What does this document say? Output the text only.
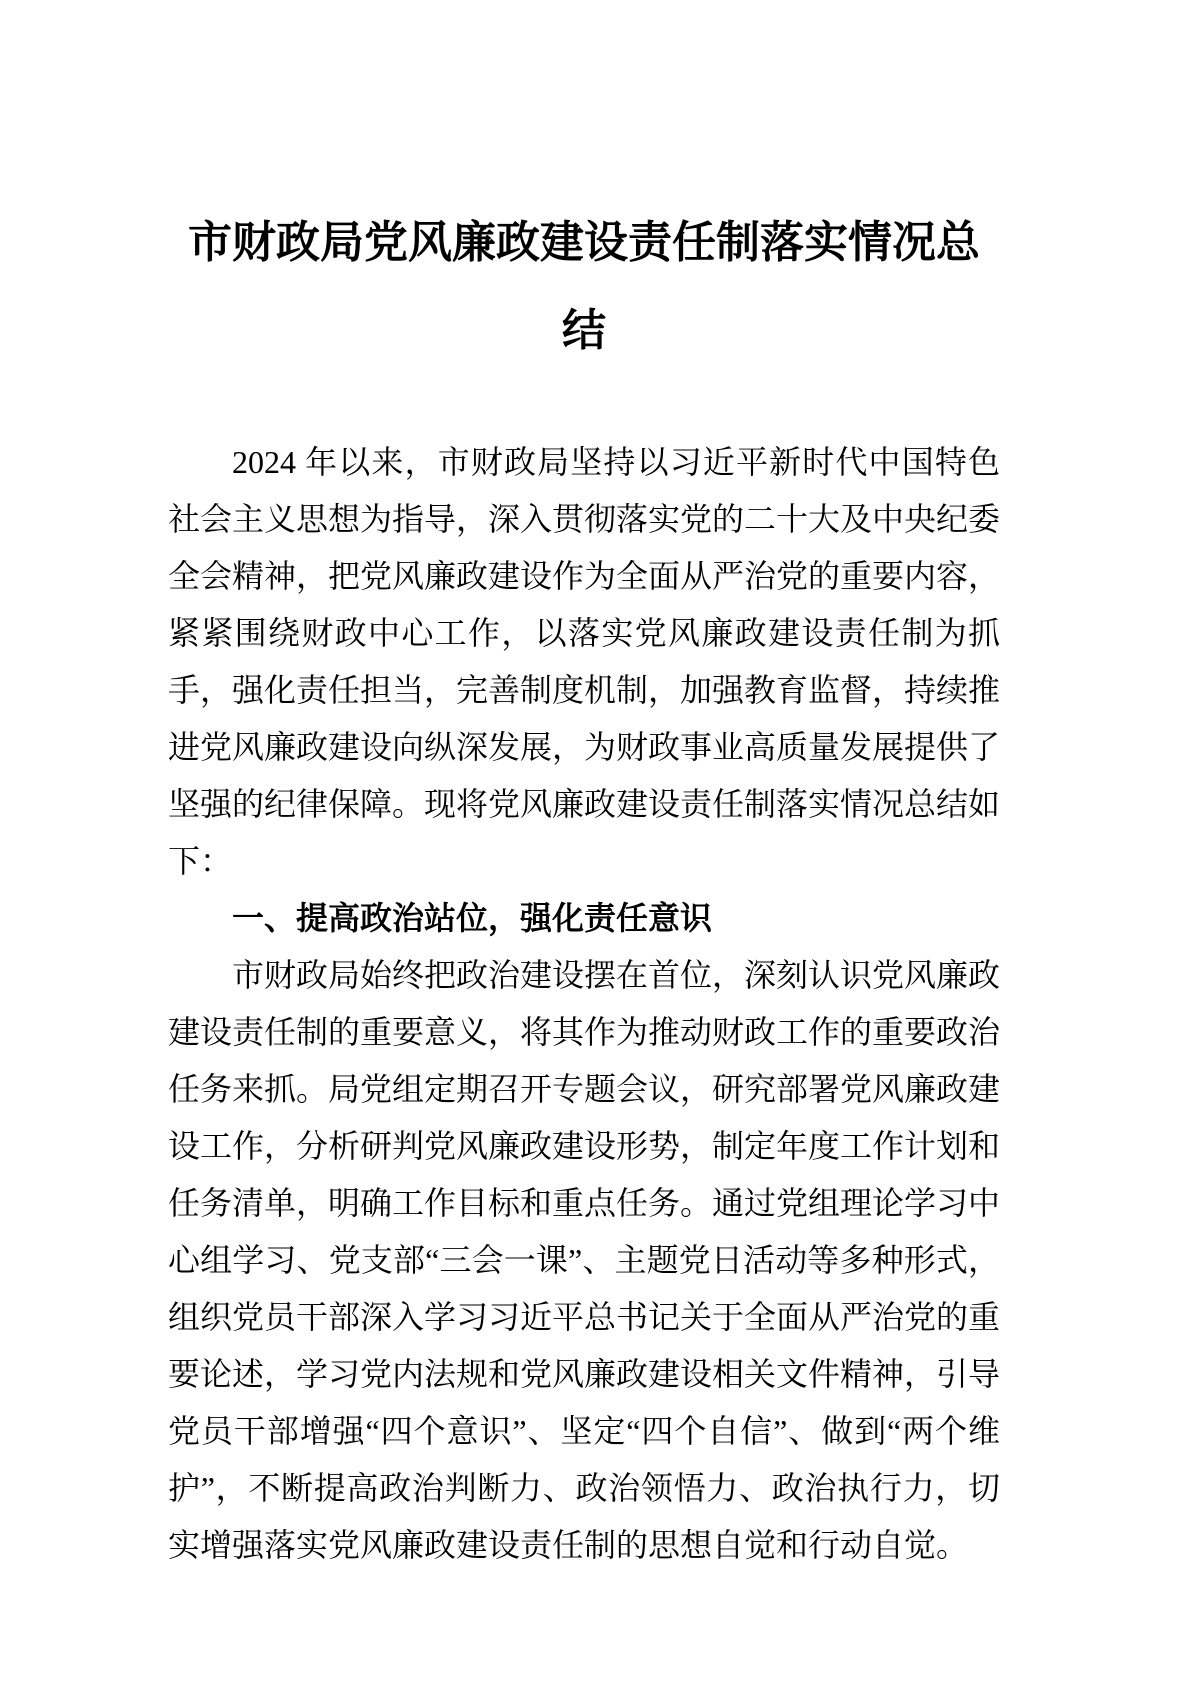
市财政局党风廉政建设责任制落实情况总结

2024 年以来，市财政局坚持以习近平新时代中国特色社会主义思想为指导，深入贯彻落实党的二十大及中央纪委全会精神，把党风廉政建设作为全面从严治党的重要内容，紧紧围绕财政中心工作，以落实党风廉政建设责任制为抓手，强化责任担当，完善制度机制，加强教育监督，持续推进党风廉政建设向纵深发展，为财政事业高质量发展提供了坚强的纪律保障。现将党风廉政建设责任制落实情况总结如下：

一、提高政治站位，强化责任意识

市财政局始终把政治建设摆在首位，深刻认识党风廉政建设责任制的重要意义，将其作为推动财政工作的重要政治任务来抓。局党组定期召开专题会议，研究部署党风廉政建设工作，分析研判党风廉政建设形势，制定年度工作计划和任务清单，明确工作目标和重点任务。通过党组理论学习中心组学习、党支部“三会一课”、主题党日活动等多种形式，组织党员干部深入学习习近平总书记关于全面从严治党的重要论述，学习党内法规和党风廉政建设相关文件精神，引导党员干部增强“四个意识”、坚定“四个自信”、做到“两个维护”，不断提高政治判断力、政治领悟力、政治执行力，切实增强落实党风廉政建设责任制的思想自觉和行动自觉。
